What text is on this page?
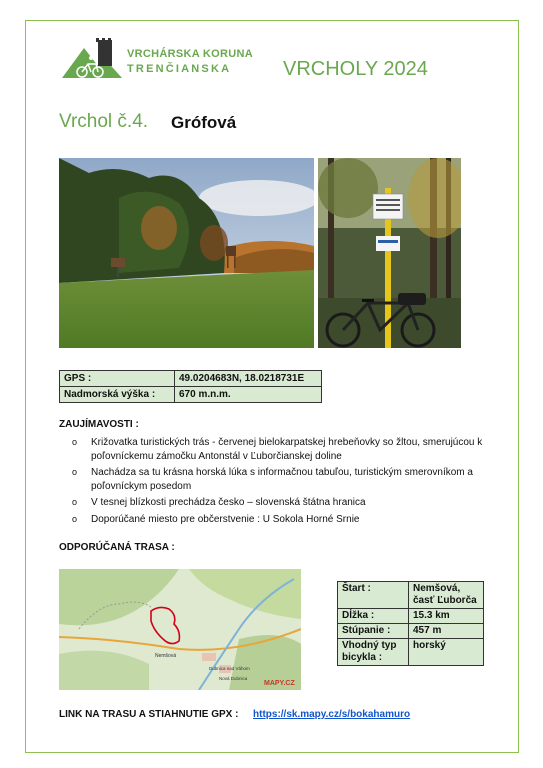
VRCHÁRSKA KORUNA
TRENČIANSKA	VRCHOLY 2024
Vrchol č.4. Grófová
GPS :	49.0204683N, 18.0218731E
Nadmorská výška :	670 m.n.m.
ZAUJÍMAVOSTI :
o Križovatka turistických trás - červenej bielokarpatskej hrebeňovky so žltou, smerujúcou k poľovníckemu zámočku Antonstál v Ľuborčianskej doline
o Nachádza sa tu krásna horská lúka s informačnou tabuľou, turistickým smerovníkom a poľovníckym posedom
o V tesnej blízkosti prechádza česko – slovenská štátna hranica
o Doporúčané miesto pre občerstvenie : U Sokola Horné Srnie
ODPORÚČANÁ TRASA :
Nemšová
Dubnica nad Váhom
Nová Dubnica
MAPY.CZ
Štart :	Nemšová, časť Ľuborča
Dĺžka :	15.3 km
Stúpanie :	457 m
Vhodný typ bicykla :	horský
LINK NA TRASU A STIAHNUTIE GPX : https://sk.mapy.cz/s/bokahamuro
